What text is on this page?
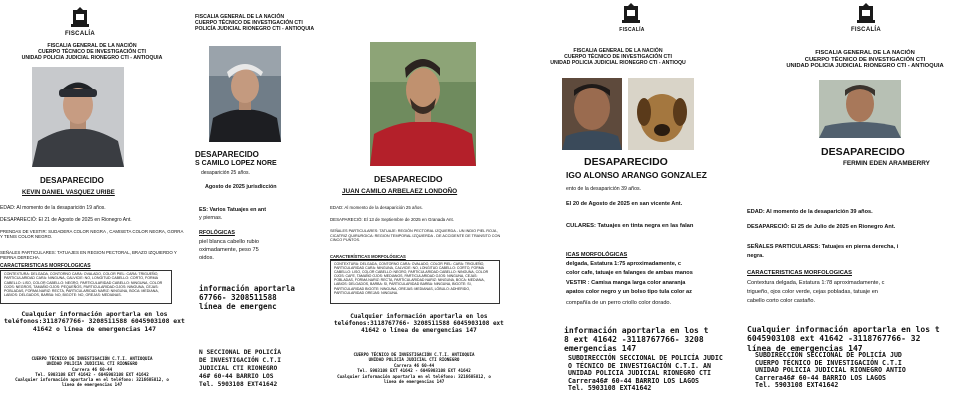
FISCALÍA
FISCALIA GENERAL DE LA NACIÓN
CUERPO TÉCNICO DE INVESTIGACIÓN CTI
UNIDAD POLICIA JUDICIAL RIONEGRO CTI - ANTIOQUIA
DESAPARECIDO
KEVIN DANIEL VASQUEZ URIBE
EDAD: Al momento de la desaparición 19 años.
DESAPARECIÓ: El 21 de Agosto de 2025 en Rionegro Ant.
PRENDAS DE VESTIR: SUDADERA COLOR NEGRA , CAMISETA COLOR NEGRA, GORRA Y TENIS COLOR NEGRO.
SEÑALES PARTICULARES: TATUAJES EN REGION PECTORAL, BRAZO IZQUIERDO Y PIERNA DERECHA.
CARACTERISTICAS MORFOLOGICAS
CONTEXTURA: DELGADA, CONTORNO CARA: OVALADO, COLOR PIEL: CARA: TRIGUEÑO, PARTICULARIDAD CARA: NINGUNA, CALVICIE: NO, LONGITUD CABELLO: CORTO, FORMA CABELLO: LISO, COLOR CABELLO: NEGRO, PARTICULARIDAD CABELLO: NINGUNA, COLOR OJOS: NEGROS, TAMAÑO OJOS: PEQUEÑOS, PARTICULARIDAD OJOS: NINGUNA, CEJAS: POBLADAS, FORMA NARIZ: RECTA, PARTICULARIDAD NARIZ: NINGUNA, BOCA: MEDIANA, LABIOS: DELGADOS, BARBA: NO, BIGOTE: NO, OREJAS: MEDIANAS.
Cualquier información aportarla en los
teléfonos:3118767766- 3208511588 6045903108 ext
41642 o línea de emergencias 147
CUERPO TÉCNICO DE INVESTIGACIÓN C.T.I. ANTIOQUIA
UNIDAD POLICIA JUDICIAL CTI RIONEGRO
Carrera 46 60-44
Tel. 5903108 EXT 41642 - 6045903108 EXT 41642
Cualquier información aportarla en el teléfono: 3216685812, o
línea de emergencias 147
FISCALIA GENERAL DE LA NACIÓN
CUERPO TÉCNICO DE INVESTIGACIÓN CTI
POLICÍA JUDICIAL RIONEGRO CTI - ANTIOQUIA
DESAPARECIDO
S CAMILO LOPEZ NORE
desaparición 25 años.
Agosto de 2025 jurisdicción
ES: Varios Tatuajes en ant
y piernas.
RFOLÓGICAS
piel blanca cabello rubio
oximadamente, peso 75
oidos.
información aportarla
67766- 3208511588
línea de emergenc
N SECCIONAL DE POLICÍA
DE INVESTIGACIÓN C.T.I
JUDICIAL CTI RIONEGRO
46# 60-44 BARRIO LOS
Tel. 5903108 EXT41642
DESAPARECIDO
JUAN CAMILO ARBELAEZ LONDOÑO
EDAD: Al momento de la desaparición 25 años.
DESAPARECIÓ: El 13 de Septiembre de 2025 en Granada Ant.
SEÑALES PARTICULARES: TATUAJE: REGIÓN PECTORAL IZQUIERDA - UN INDIO PIEL ROJA , CICATRIZ QUIRURGICA: REGION TEMPORAL IZQUIERDA - DE ACCIDENTE DE TRANSITO CON CINCO PUNTOS.
CARACTERÍSTICAS MORFOLÓGICAS
CONTEXTURA: DELGADA, CONTORNO CARA: OVALADO, COLOR PIEL: CARA: TRIGUEÑO, PARTICULARIDAD CARA: NINGUNA, CALVICIE: NO, LONGITUD CABELLO: CORTO, FORMA CABELLO: LISO, COLOR CABELLO: NEGRO, PARTICULARIDAD CABELLO: NINGUNA, COLOR OJOS: CAFE, TAMAÑO OJOS: MEDIANOS, PARTICULARIDAD OJOS: NINGUNA, CEJAS: POBLADAS, FORMA NARIZ: RECTA, PARTICULARIDAD NARIZ: NINGUNA, BOCA: MEDIANA, LABIOS: DELGADOS, BARBA: SI, PARTICULARIDAD BARBA: NINGUNA, BIGOTE: SI, PARTICULARIDAD BIGOTE: NINGUNA, OREJAS: MEDIANAS, LÓBULO: ADHERIDO, PARTICULARIDAD OREJAS: NINGUNA.
Cualquier información aportarla en los
teléfonos:3118767766- 3208511588 6045903108 ext
41642 o línea de emergencias 147
CUERPO TÉCNICO DE INVESTIGACIÓN C.T.I. ANTIOQUIA
UNIDAD POLICIA JUDICIAL CTI RIONEGRO
Carrera 46 60-44
Tel. 5903108 EXT 41642 - 6045903108 EXT 41642
Cualquier información aportarla en el teléfono: 3216685812, o
línea de emergencias 147
FISCALÍA
FISCALIA GENERAL DE LA NACIÓN
CUERPO TÉCNICO DE INVESTIGACIÓN CTI
UNIDAD POLICIA JUDICIAL RIONEGRO CTI - ANTIOQU
DESAPARECIDO
IGO ALONSO ARANGO GONZALEZ
ento de la desaparición 39 años.
El 20 de Agosto de 2025 en san vicente Ant.
CULARES: Tatuajes en tinta negra en las falan
ICAS MORFOLÓGICAS
delgada, Estatura 1:75 aproximadamente, c
color cafe, tatuaje en falanges de ambas manos
VESTIR : Camisa manga larga color anaranja
apatos color negro y un bolso tipo tula color az
compañía de un perro criollo color dorado.
información aportarla en los t
8 ext 41642 -3118767766- 3208
emergencias 147
SUBDIRECCIÓN SECCIONAL DE POLICÍA JUDIC
O TÉCNICO DE INVESTIGACIÓN C.T.I. AN
UNIDAD POLICIA JUDICIAL RIONEGRO CTI
Carrera46# 60-44 BARRIO LOS LAGOS
Tel. 5903108 EXT41642
FISCALÍA
FISCALIA GENERAL DE LA NACIÓN
CUERPO TÉCNICO DE INVESTIGACIÓN CTI
UNIDAD POLICIA JUDICIAL RIONEGRO CTI - ANTIOQUIA
DESAPARECIDO
FERMIN EDEN ARAMBERRY
EDAD: Al momento de la desaparición 39 años.
DESAPARECIÓ: El 25 de Julio de 2025 en Rionegro Ant.
SEÑALES PARTICULARES: Tatuajes en pierna derecha, i
negra.
CARACTERISTICAS MORFOLOGICAS
Contextura delgada, Estatura 1:78 aproximadamente, c
trigueño, ojos color verde, cejas pobladas, tatuaje en
cabello corto color castaño.
Cualquier información aportarla en los t
6045903108 ext 41642 -3118767766- 32
línea de emergencias 147
SUBDIRECCIÓN SECCIONAL DE POLICÍA JUD
CUERPO TÉCNICO DE INVESTIGACIÓN C.T.I
UNIDAD POLICIA JUDICIAL RIONEGRO ANTIO
Carrera46# 60-44 BARRIO LOS LAGOS
Tel. 5903108 EXT41642
